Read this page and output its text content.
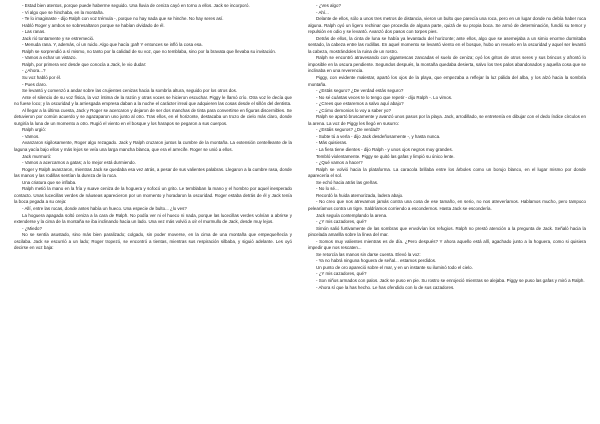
- Estad bien atentos, porque puede haberme seguido. Una lluvia de ceniza cayó en torno a ellos. Jack se incorporó.

- Vi algo que se hinchaba, en la montaña.

- Te lo imaginaste - dijo Ralph con voz trémula -, porque no hay nada que se hinche. No hay seres así.

Habló Roger y ambos se sobresaltaron porque se habían olvidado de él.

- Las ranas.

Jack rió tontamente y se estremeció.

- Menuda rana. Y, además, oí un ruido. Algo que hacía ¡paf! Y entonces se infló la cosa esa.

Ralph se sorprendió a sí mismo, no tanto por la calidad de su voz, que no temblaba, sino por la bravata que llevaba su invitación.

- Vamos a echar un vistazo.

Ralph, por primera vez desde que conocía a Jack, le vio dudar:

- ¿Ahora...?

Su voz habló por él.

- Pues claro.

Se levantó y comenzó a andar sobre las crujientes cenizas hacia la sombría altura, seguido por los otros dos.

Ante el silencio de su voz física, la voz íntima de la razón y otras voces se hicieron escuchar. Piggy le llamó crío. Otra voz le decía que no fuese loco; y la oscuridad y la arriesgada empresa daban a la noche el carácter irreal que adquieren las cosas desde el sillón del dentista.

Al llegar a la última cuesta, Jack y Roger se acercaron y dejaron de ser dos manchas de tinta para convertirse en figuras discernibles. Se detuvieron por común acuerdo y se agazaparon uno junto al otro. Tras ellos, en el horizonte, destacaba un trozo de cielo más claro, donde surgiría la luna de un momento a otro. Rugió el viento en el bosque y los harapos se pegaron a sus cuerpos.

Ralph urgió:

- Vamos.

Avanzaron sigilosamente, Roger algo rezagado. Jack y Ralph cruzaron juntos la cumbre de la montaña. La extensión centelleante de la laguna yacía bajo ellos y más lejos se veía una larga mancha blanca, que era el arrecife. Roger se unió a ellos.

Jack murmuró:

- Vamos a acercarnos a gatas; a lo mejor está durmiendo.

Roger y Ralph avanzaron, mientras Jack se quedaba esa vez atrás, a pesar de sus valientes palabras. Llegaron a la cumbre rasa, donde las manos y las rodillas sentían la dureza de la roca.

Una criatura que se inflaba.

Ralph metió la mano en la fría y suave ceniza de la hoguera y sofocó un grito. Le temblaban la mano y el hombro por aquel inesperado contacto. Unas lucecillas verdes de náuseas aparecieron por un momento y horadaron la oscuridad. Roger estaba detrás de él y Jack tenía la boca pegada a su oreja:

- Allí, entre las rocas, donde antes había un hueco. Una especie de bulto... ¿lo ves?

La hoguera apagada soltó ceniza a la cara de Ralph. No podía ver ni el hueco ni nada, porque las lucecillas verdes volvían a abrirse y extenderse y la cima de la montaña se iba inclinando hacia un lado. Una vez más volvió a oír el murmullo de Jack, desde muy lejos.

- ¿Miedo?

No se sentía asustado, sino más bien paralizado; colgado, sin poder moverse, en la cima de una montaña que empequeñecía y oscilaba. Jack se escurrió a un lado; Roger tropezó, se encontró a tientas, mientras sus respiración silbaba, y siguió adelante. Les oyó decirse en voz baja:

- ¿Ves algo?

- Ahí...

Delante de ellos, sólo a unos tres metros de distancia, vieron un bulto que parecía una roca, pero en un lugar donde no debía haber roca alguna. Ralph oyó un ligero rechinar que procedía de alguna parte, quizá de su propia boca. Se armó de determinación, fundió su temor y repulsión en odio y se levantó. Avanzó dos pasos con torpes pies.

Detrás de ellos, la cinta de luna se había ya levantado del horizonte; ante ellos, algo que se asemejaba a un simio enorme dormitaba sentado, la cabeza entre las rodillas. En aquel momento se levantó viento en el bosque, hubo un revuelo en la oscuridad y aquel ser levantó la cabeza, mostrándoles la ruina de un rostro.

Ralph se encontró atravesando con gigantescas zancadas el suelo de ceniza; oyó los gritos de otros seres y sus brincos y afrontó lo imposible en la oscura pendiente. Segundos después, la montaña quedaba desierta, salvo los tres palos abandonados y aquella cosa que se inclinaba en una reverencia.

Piggy, con evidente malestar, apartó los ojos de la playa, que empezaba a reflejar la luz pálida del alba, y los alzó hacia la sombría montaña.

- ¿Estás seguro? ¿De verdad estás seguro?

- No sé cuántas veces te lo tengo que repetir - dijo Ralph -. Lo vimos.

- ¿Crees que estaremos a salvo aquí abajo?

- ¿Cómo demonios lo voy a saber yo?

Ralph se apartó bruscamente y avanzó unos pasos por la playa. Jack, arrodillado, se entretenía en dibujar con el dedo índice círculos en la arena. La voz de Piggy les llegó en susurro:

- ¿Estáis seguros? ¿De verdad?

- Subte tú a verla - dijo Jack desdeñosamente -, y hasta nunca.

- Más quisieras.

- La fiera tiene dientes - dijo Ralph - y unos ojos negros muy grandes.

Tembló violentamente. Piggy se quitó las gafas y limpió su único lente.

- ¿Qué vamos a hacer?

Ralph se volvió hacia la plataforma. La caracola brillaba entre los árboles como un borujo blanco, en el lugar mismo por donde aparecería el sol.

Se echó hacia atrás las greñas.

- No lo sé...

Recordó la huida atemorizada, ladera abajo.

- No creo que nos atrevamos jamás contra una cosa de ese tamaño, en serio, no nos atreveríamos. Hablamos mucho, pero tampoco pelearíamos contra un tigre. Saldríamos corriendo a escondernos. Hasta Jack se escondería.

Jack seguía contemplando la arena.

- ¿Y mis cazadores, qué?

Simón salió furtivamente de las sombras que envolvían los refugios. Ralph no prestó atención a la pregunta de Jack. Señaló hacia la pincelada amarilla sobre la línea del mar.

- Somos muy valientes mientras es de día. ¿Pero después? Y ahora aquello está allí, agachado junto a la hoguera, como si quisiera impedir que nos rescaten...

Se retorcía las manos sin darse cuenta. Elevó la voz:

- Ya no habrá ninguna hoguera de señal... estamos perdidos.

Un punto de oro apareció sobre el mar, y en un instante su iluminó todo el cielo.

- ¿Y mis cazadores, qué?

- Son niños armados con palos. Jack se puso en pie. Su rostro se enrojeció mientras se alejaba. Piggy se puso las gafas y miró a Ralph.

- Ahora sí que la has hecho. Le has ofendido con lo de sus cazadores.
